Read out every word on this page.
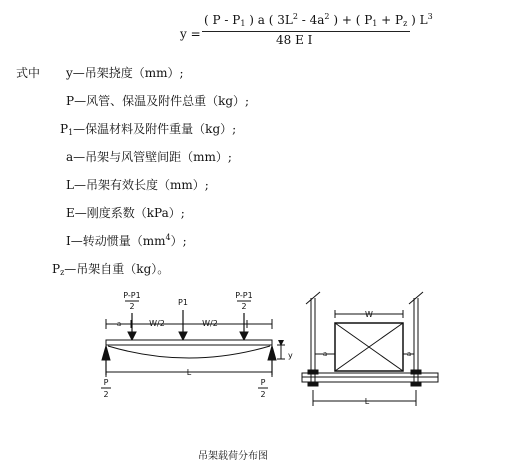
y =
( P - $P_1$ ) a ( $3L^2 - 4a^2$ ) + ( $P_1 + P_z$ ) $L^3$
48 E I
式中 y—吊架挠度（mm）;
P—风管、保温及附件总重（kg）;
$P_1—$保温材料及附件重量（kg）;
a—吊架与风管壁间距（mm）;
L—吊架有效长度（mm）;
E—刚度系数（kPa）;
I—转动惯量$(mm^4)$;
$P_z—$吊架自重（kg）。
P-P1
2	P1
P-P1
2
a	W/2	W/2
y
L
P
2
P
2
W
a	a
L
吊架载荷分布图
